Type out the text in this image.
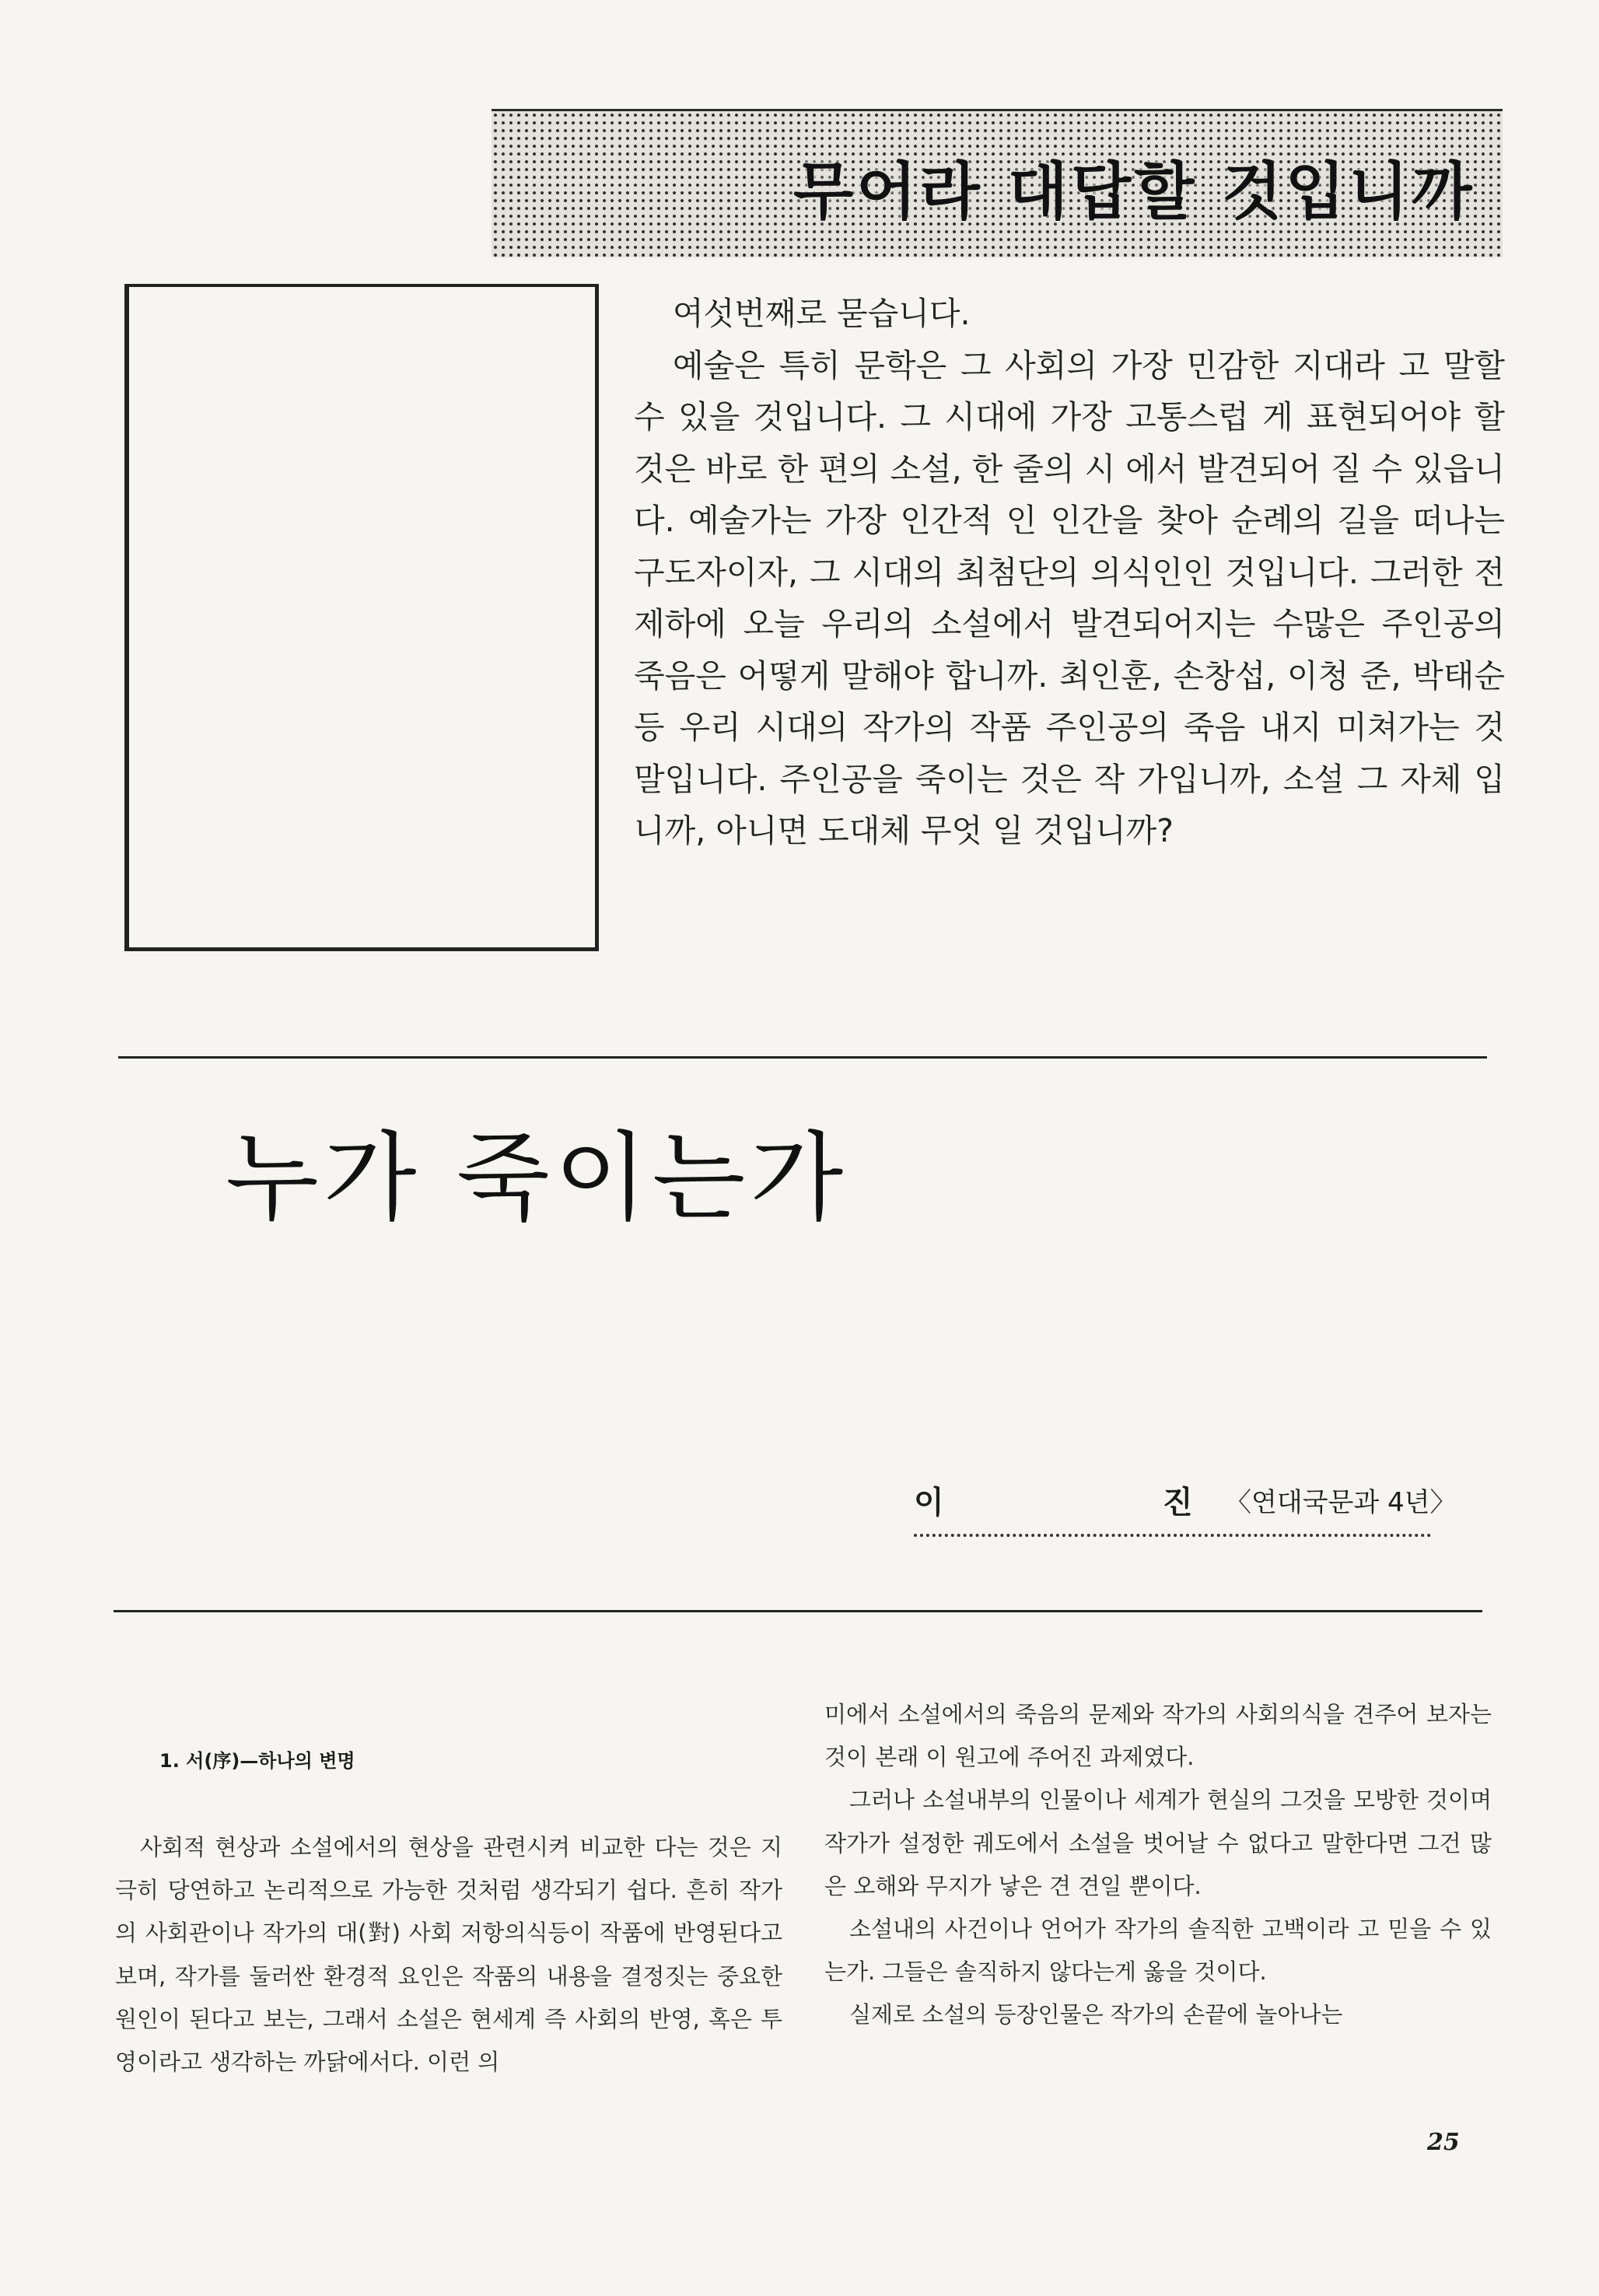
무어라 대답할 것입니까

여섯번째로 묻습니다.

예술은 특히 문학은 그 사회의 가장 민감한 지대라 고 말할 수 있을 것입니다. 그 시대에 가장 고통스럽 게 표현되어야 할 것은 바로 한 편의 소설, 한 줄의 시 에서 발견되어 질 수 있읍니다. 예술가는 가장 인간적 인 인간을 찾아 순례의 길을 떠나는 구도자이자, 그 시대의 최첨단의 의식인인 것입니다. 그러한 전제하에 오늘 우리의 소설에서 발견되어지는 수많은 주인공의 죽음은 어떻게 말해야 합니까. 최인훈, 손창섭, 이청 준, 박태순등 우리 시대의 작가의 작품 주인공의 죽음 내지 미쳐가는 것 말입니다. 주인공을 죽이는 것은 작 가입니까, 소설 그 자체 입니까, 아니면 도대체 무엇 일 것입니까?

누가 죽이는가
이	진 〈연대국문과 4년〉
1. 서(序)—하나의 변명

사회적 현상과 소설에서의 현상을 관련시켜 비교한 다는 것은 지극히 당연하고 논리적으로 가능한 것처럼 생각되기 쉽다. 흔히 작가의 사회관이나 작가의 대(對) 사회 저항의식등이 작품에 반영된다고 보며, 작가를 둘러싼 환경적 요인은 작품의 내용을 결정짓는 중요한 원인이 된다고 보는, 그래서 소설은 현세계 즉 사회의 반영, 혹은 투영이라고 생각하는 까닭에서다. 이런 의

미에서 소설에서의 죽음의 문제와 작가의 사회의식을 견주어 보자는 것이 본래 이 원고에 주어진 과제였다.

그러나 소설내부의 인물이나 세계가 현실의 그것을 모방한 것이며 작가가 설정한 궤도에서 소설을 벗어날 수 없다고 말한다면 그건 많은 오해와 무지가 낳은 견 견일 뿐이다.

소설내의 사건이나 언어가 작가의 솔직한 고백이라 고 믿을 수 있는가. 그들은 솔직하지 않다는게 옳을 것이다.

실제로 소설의 등장인물은 작가의 손끝에 놀아나는

25
